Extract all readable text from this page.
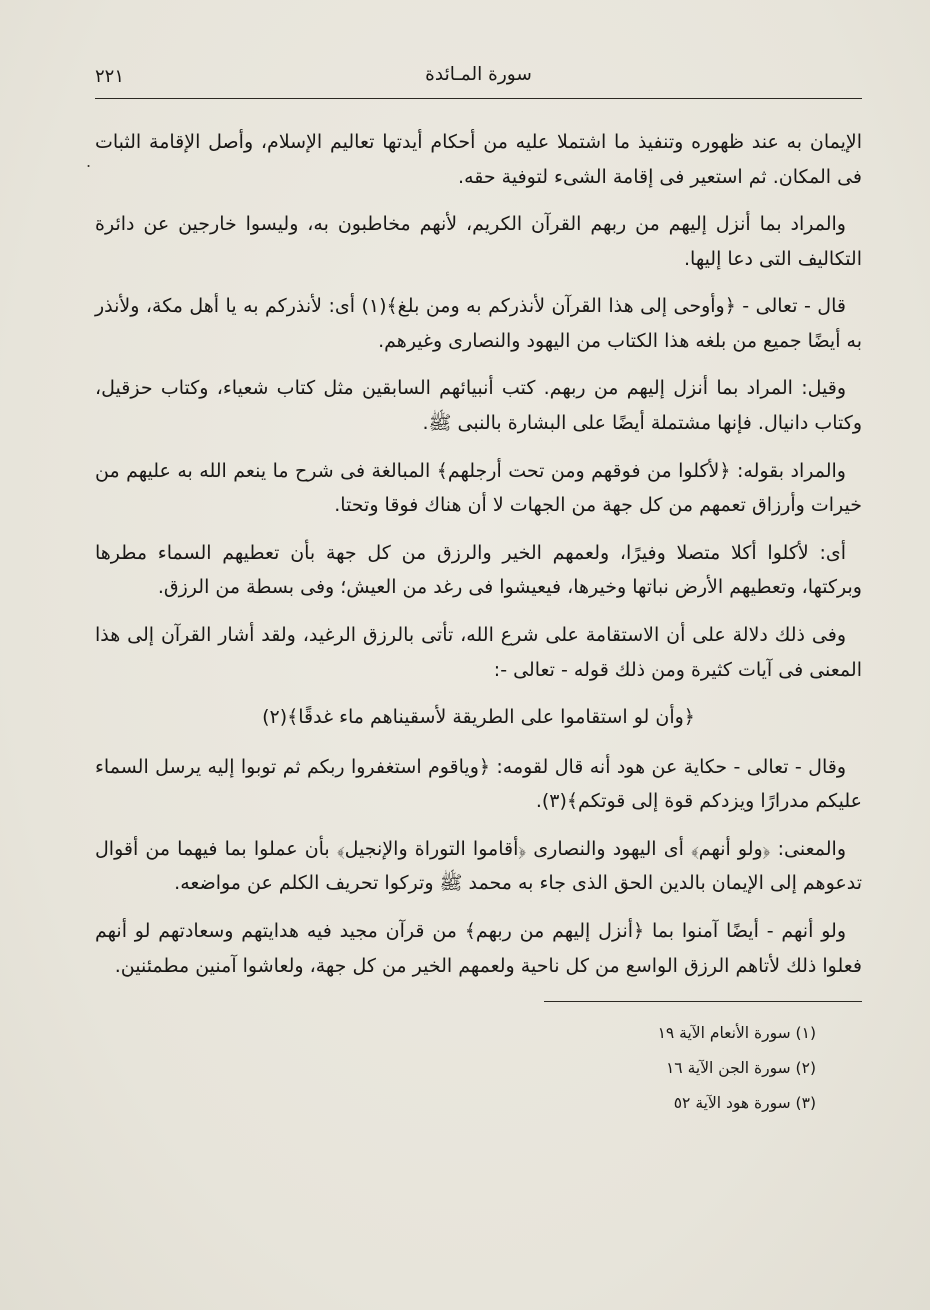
.
٢٢١	سورة المـائدة

الإيمان به عند ظهوره وتنفيذ ما اشتملا عليه من أحكام أيدتها تعاليم الإسلام، وأصل الإقامة الثبات فى المكان. ثم استعير فى إقامة الشىء لتوفية حقه.

والمراد بما أنزل إليهم من ربهم القرآن الكريم، لأنهم مخاطبون به، وليسوا خارجين عن دائرة التكاليف التى دعا إليها.

قال - تعالى - ﴿وأوحى إلى هذا القرآن لأنذركم به ومن بلغ﴾(١) أى: لأنذركم به يا أهل مكة، ولأنذر به أيضًا جميع من بلغه هذا الكتاب من اليهود والنصارى وغيرهم.

وقيل: المراد بما أنزل إليهم من ربهم. كتب أنبيائهم السابقين مثل كتاب شعياء، وكتاب حزقيل، وكتاب دانيال. فإنها مشتملة أيضًا على البشارة بالنبى ﷺ.

والمراد بقوله: ﴿لأكلوا من فوقهم ومن تحت أرجلهم﴾ المبالغة فى شرح ما ينعم الله به عليهم من خيرات وأرزاق تعمهم من كل جهة من الجهات لا أن هناك فوقا وتحتا.

أى: لأكلوا أكلا متصلا وفيرًا، ولعمهم الخير والرزق من كل جهة بأن تعطيهم السماء مطرها وبركتها، وتعطيهم الأرض نباتها وخيرها، فيعيشوا فى رغد من العيش؛ وفى بسطة من الرزق.

وفى ذلك دلالة على أن الاستقامة على شرع الله، تأتى بالرزق الرغيد، ولقد أشار القرآن إلى هذا المعنى فى آيات كثيرة ومن ذلك قوله - تعالى -:

﴿وأن لو استقاموا على الطريقة لأسقيناهم ماء غدقًا﴾(٢)

وقال - تعالى - حكاية عن هود أنه قال لقومه: ﴿وياقوم استغفروا ربكم ثم توبوا إليه يرسل السماء عليكم مدرارًا ويزدكم قوة إلى قوتكم﴾(٣).

والمعنى: ﴿ولو أنهم﴾ أى اليهود والنصارى ﴿أقاموا التوراة والإنجيل﴾ بأن عملوا بما فيهما من أقوال تدعوهم إلى الإيمان بالدين الحق الذى جاء به محمد ﷺ وتركوا تحريف الكلم عن مواضعه.

ولو أنهم - أيضًا آمنوا بما ﴿أنزل إليهم من ربهم﴾ من قرآن مجيد فيه هدايتهم وسعادتهم لو أنهم فعلوا ذلك لأتاهم الرزق الواسع من كل ناحية ولعمهم الخير من كل جهة، ولعاشوا آمنين مطمئنين.

(١) سورة الأنعام الآية ١٩

(٢) سورة الجن الآية ١٦

(٣) سورة هود الآية ٥٢
